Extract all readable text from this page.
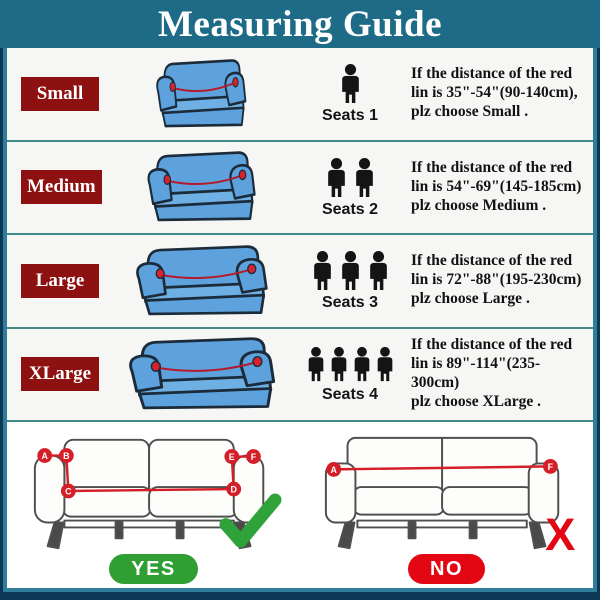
Measuring Guide
Small
Seats 1
If the distance of the red
lin is 35"-54"(90-140cm),
plz choose Small .
Medium
Seats 2
If the distance of the red
lin is 54"-69"(145-185cm)
plz choose Medium .
Large
Seats 3
If the distance of the red
lin is 72"-88"(195-230cm)
plz choose Large .
XLarge
Seats 4
If the distance of the red
lin is 89"-114"(235-300cm)
plz choose XLarge .
A B
C	D
E F
YES
A	F
X
NO
